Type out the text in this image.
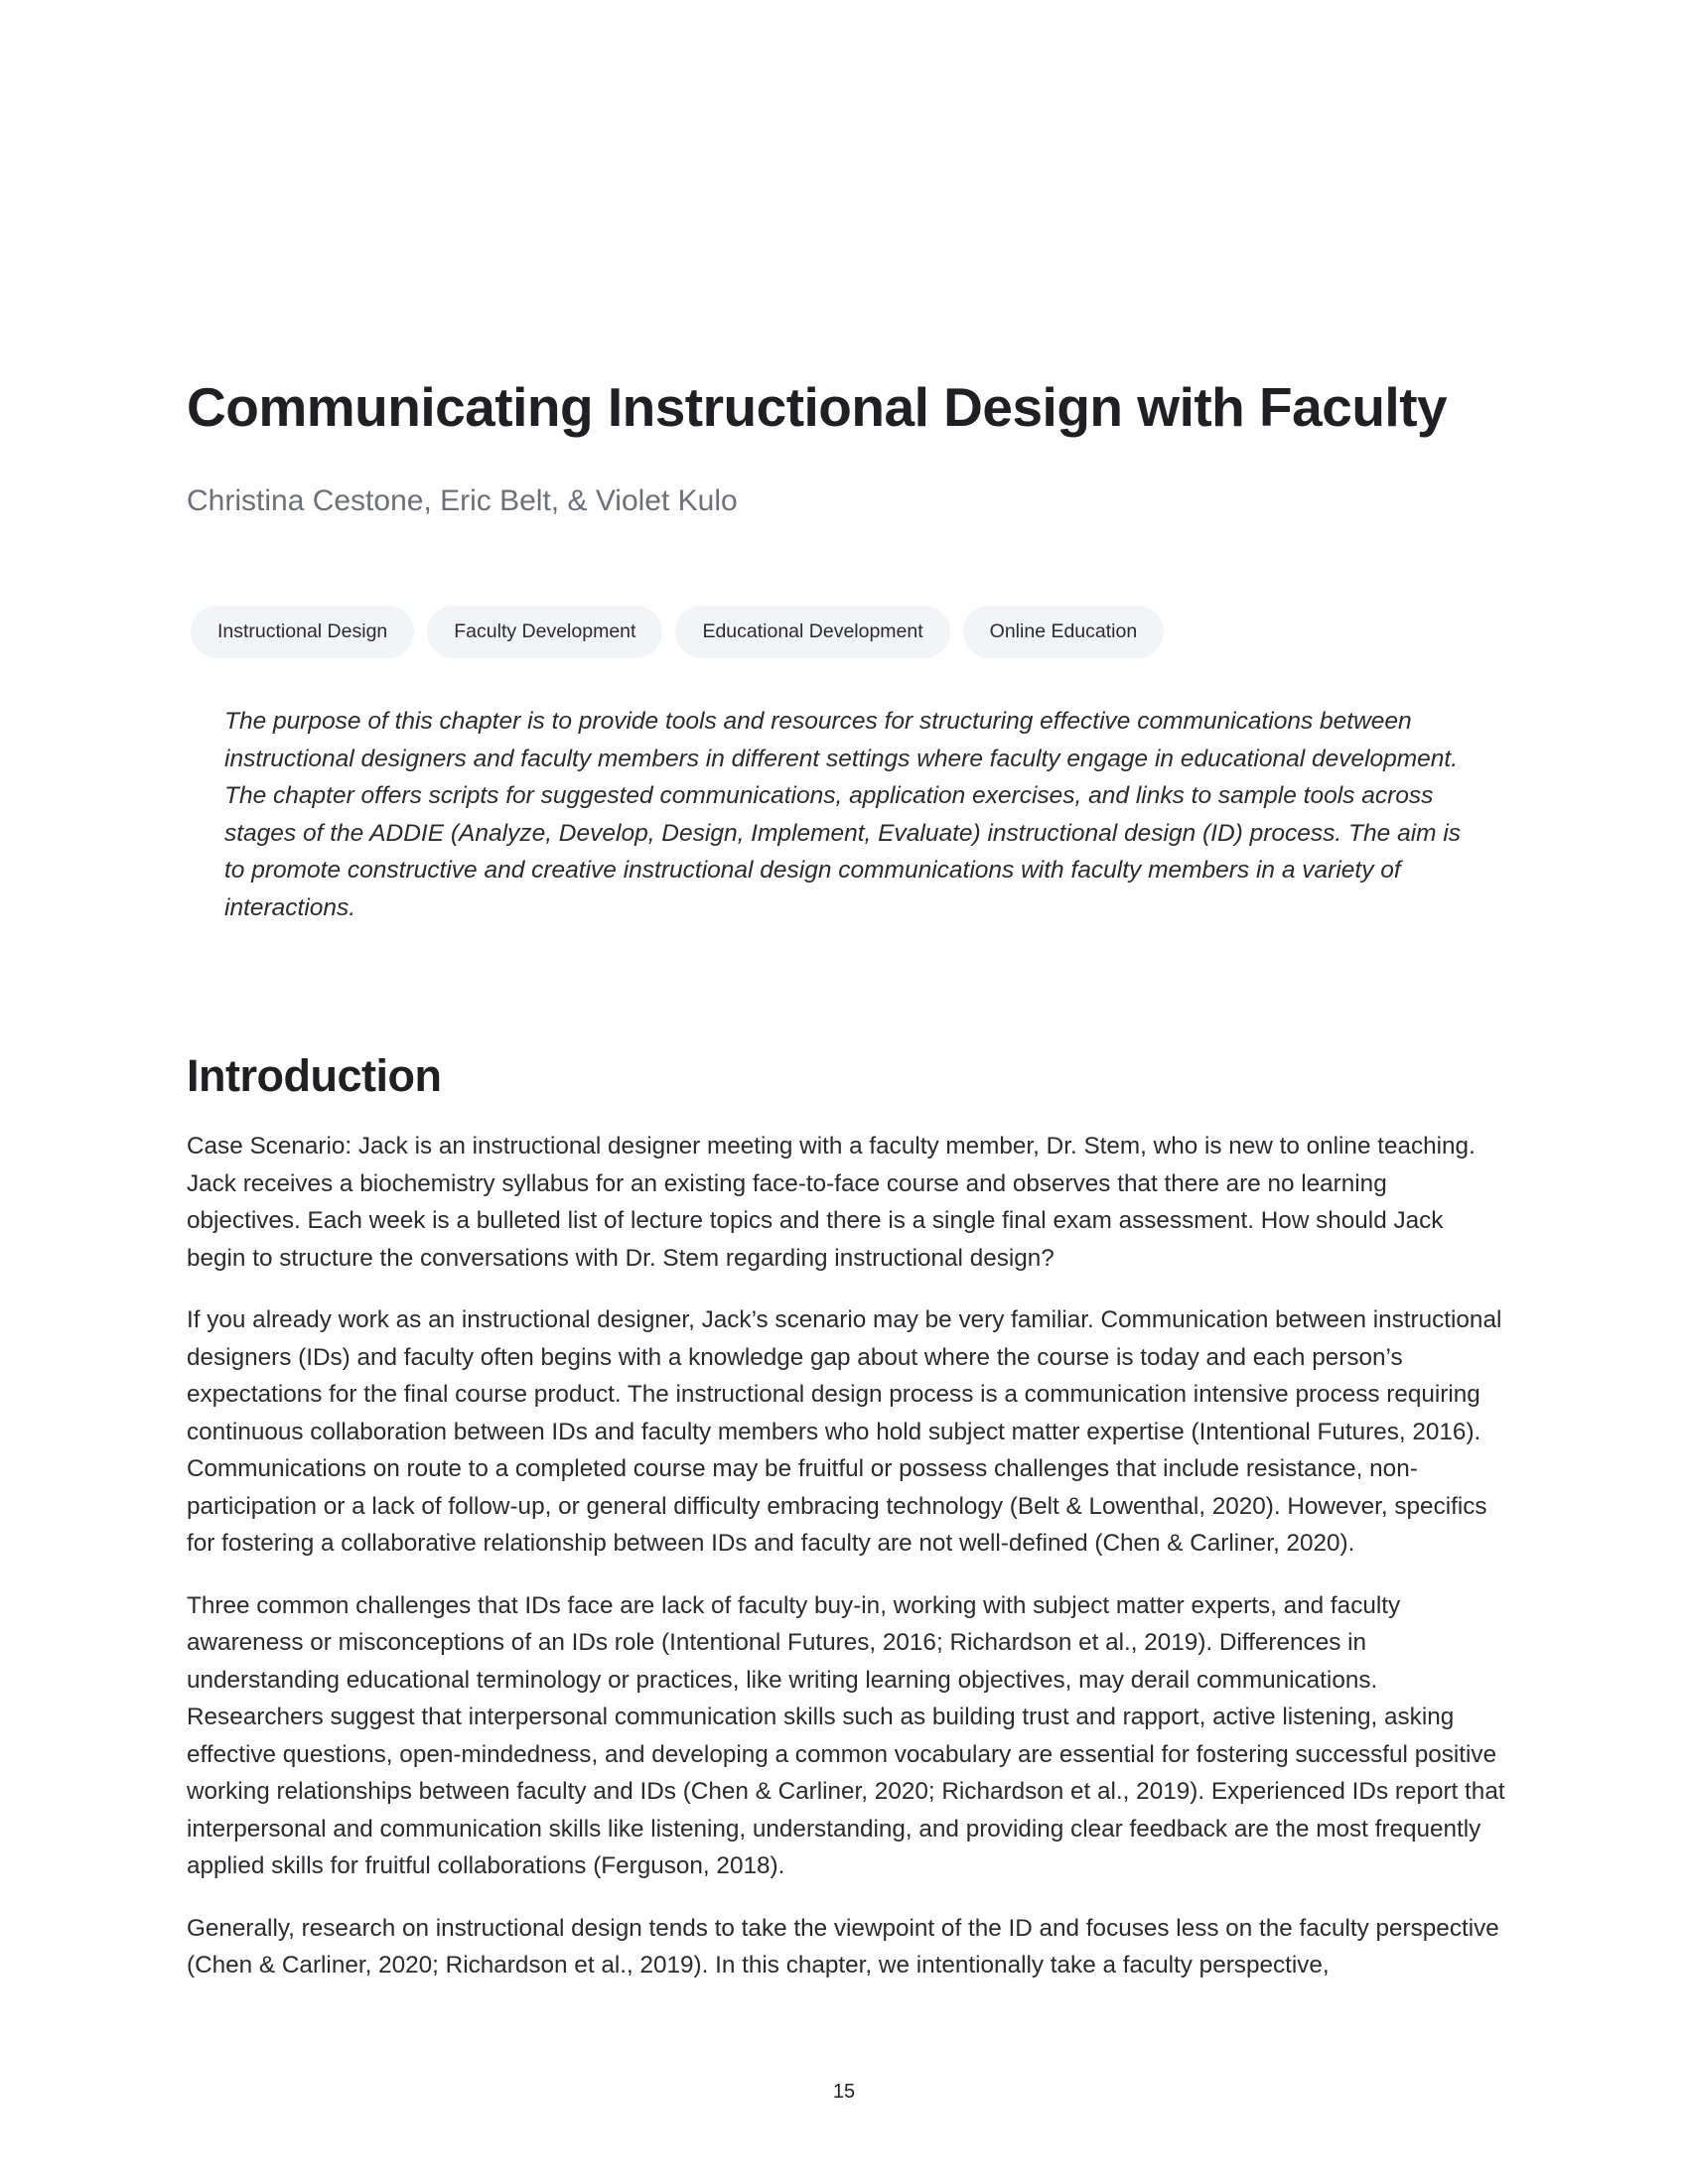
Communicating Instructional Design with Faculty

Christina Cestone, Eric Belt, & Violet Kulo

Instructional Design	Faculty Development	Educational Development	Online Education

The purpose of this chapter is to provide tools and resources for structuring effective communications between instructional designers and faculty members in different settings where faculty engage in educational development. The chapter offers scripts for suggested communications, application exercises, and links to sample tools across stages of the ADDIE (Analyze, Develop, Design, Implement, Evaluate) instructional design (ID) process. The aim is to promote constructive and creative instructional design communications with faculty members in a variety of interactions.

Introduction

Case Scenario: Jack is an instructional designer meeting with a faculty member, Dr. Stem, who is new to online teaching. Jack receives a biochemistry syllabus for an existing face-to-face course and observes that there are no learning objectives. Each week is a bulleted list of lecture topics and there is a single final exam assessment. How should Jack begin to structure the conversations with Dr. Stem regarding instructional design?

If you already work as an instructional designer, Jack’s scenario may be very familiar. Communication between instructional designers (IDs) and faculty often begins with a knowledge gap about where the course is today and each person’s expectations for the final course product. The instructional design process is a communication intensive process requiring continuous collaboration between IDs and faculty members who hold subject matter expertise (Intentional Futures, 2016). Communications on route to a completed course may be fruitful or possess challenges that include resistance, non-participation or a lack of follow-up, or general difficulty embracing technology (Belt & Lowenthal, 2020). However, specifics for fostering a collaborative relationship between IDs and faculty are not well-defined (Chen & Carliner, 2020).

Three common challenges that IDs face are lack of faculty buy-in, working with subject matter experts, and faculty awareness or misconceptions of an IDs role (Intentional Futures, 2016; Richardson et al., 2019). Differences in understanding educational terminology or practices, like writing learning objectives, may derail communications. Researchers suggest that interpersonal communication skills such as building trust and rapport, active listening, asking effective questions, open-mindedness, and developing a common vocabulary are essential for fostering successful positive working relationships between faculty and IDs (Chen & Carliner, 2020; Richardson et al., 2019). Experienced IDs report that interpersonal and communication skills like listening, understanding, and providing clear feedback are the most frequently applied skills for fruitful collaborations (Ferguson, 2018).

Generally, research on instructional design tends to take the viewpoint of the ID and focuses less on the faculty perspective (Chen & Carliner, 2020; Richardson et al., 2019). In this chapter, we intentionally take a faculty perspective,

15
